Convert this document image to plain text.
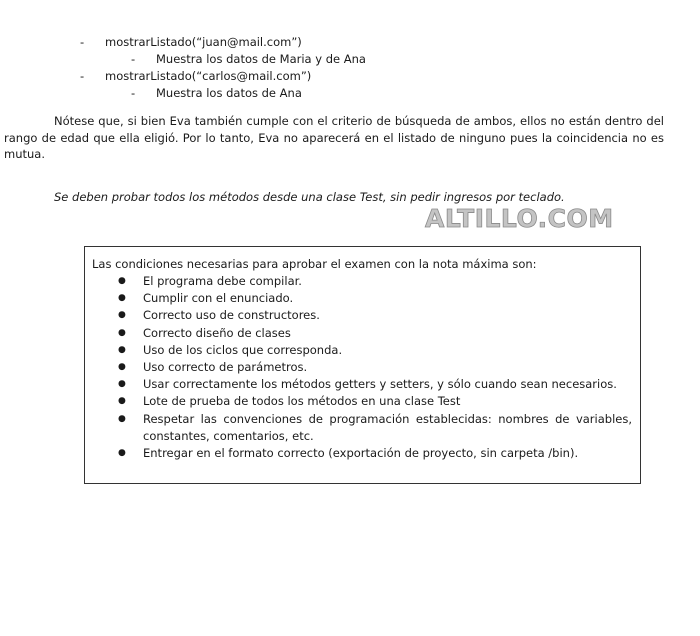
-	mostrarListado(“juan@mail.com”)
-	Muestra los datos de Maria y de Ana
-	mostrarListado(“carlos@mail.com”)
-	Muestra los datos de Ana

Nótese que, si bien Eva también cumple con el criterio de búsqueda de ambos, ellos no están dentro del rango de edad que ella eligió. Por lo tanto, Eva no aparecerá en el listado de ninguno pues la coincidencia no es mutua.

Se deben probar todos los métodos desde una clase Test, sin pedir ingresos por teclado.
ALTILLO.COM
Las condiciones necesarias para aprobar el examen con la nota máxima son:
● El programa debe compilar.
● Cumplir con el enunciado.
● Correcto uso de constructores.
● Correcto diseño de clases
● Uso de los ciclos que corresponda.
● Uso correcto de parámetros.
● Usar correctamente los métodos getters y setters, y sólo cuando sean necesarios.
● Lote de prueba de todos los métodos en una clase Test
● Respetar las convenciones de programación establecidas: nombres de variables, constantes, comentarios, etc.
● Entregar en el formato correcto (exportación de proyecto, sin carpeta /bin).
